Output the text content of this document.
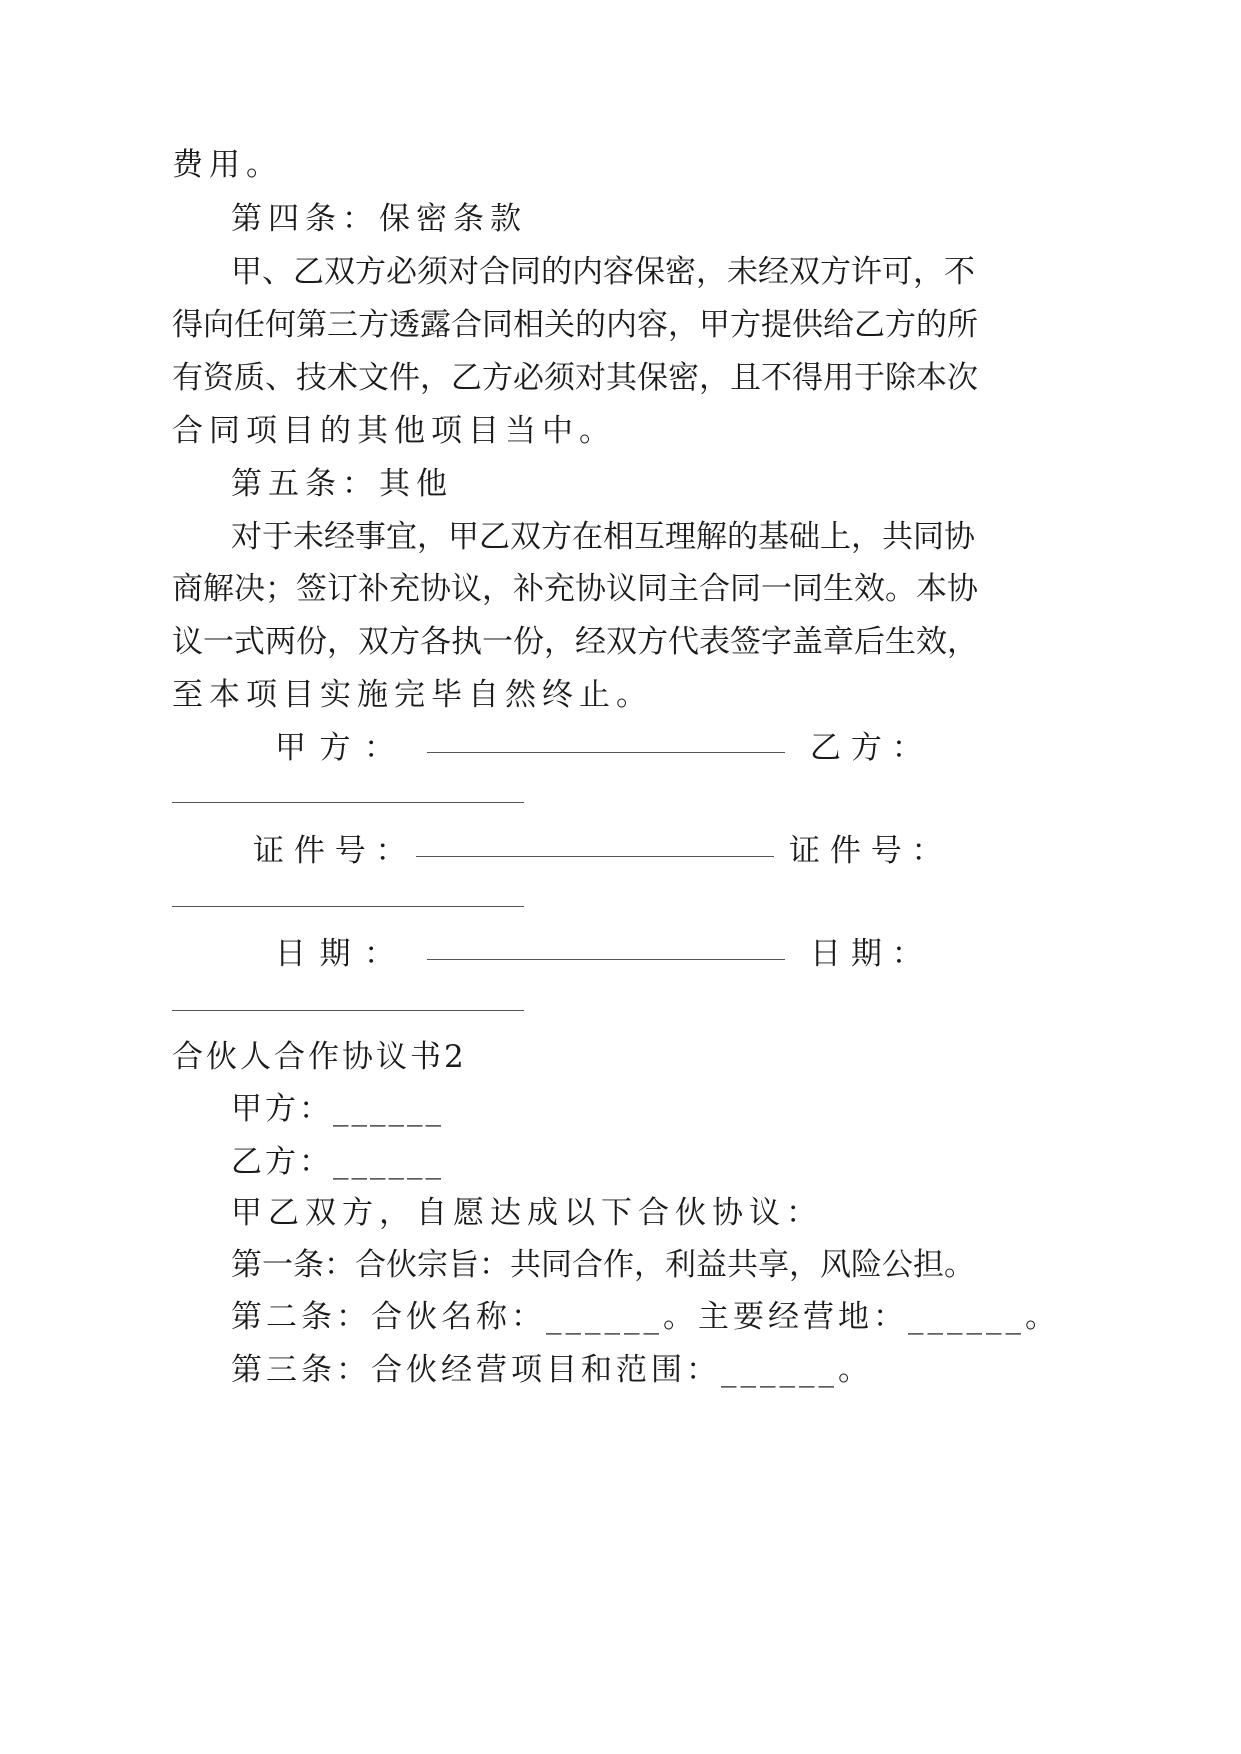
费用。
第四条：保密条款
甲、乙双方必须对合同的内容保密，未经双方许可，不
得向任何第三方透露合同相关的内容，甲方提供给乙方的所
有资质、技术文件，乙方必须对其保密，且不得用于除本次
合同项目的其他项目当中。
第五条：其他
对于未经事宜，甲乙双方在相互理解的基础上，共同协
商解决；签订补充协议，补充协议同主合同一同生效。本协
议一式两份，双方各执一份，经双方代表签字盖章后生效，
至本项目实施完毕自然终止。
甲 方 ：	乙 方 ：
证 件 号 ：	证 件 号 ：
日 期 ：	日 期 ：
合伙人合作协议书2
甲方：______
乙方：______
甲乙双方，自愿达成以下合伙协议：
第一条：合伙宗旨：共同合作，利益共享，风险公担。
第二条：合伙名称：______。主要经营地：______。
第三条：合伙经营项目和范围：______。
